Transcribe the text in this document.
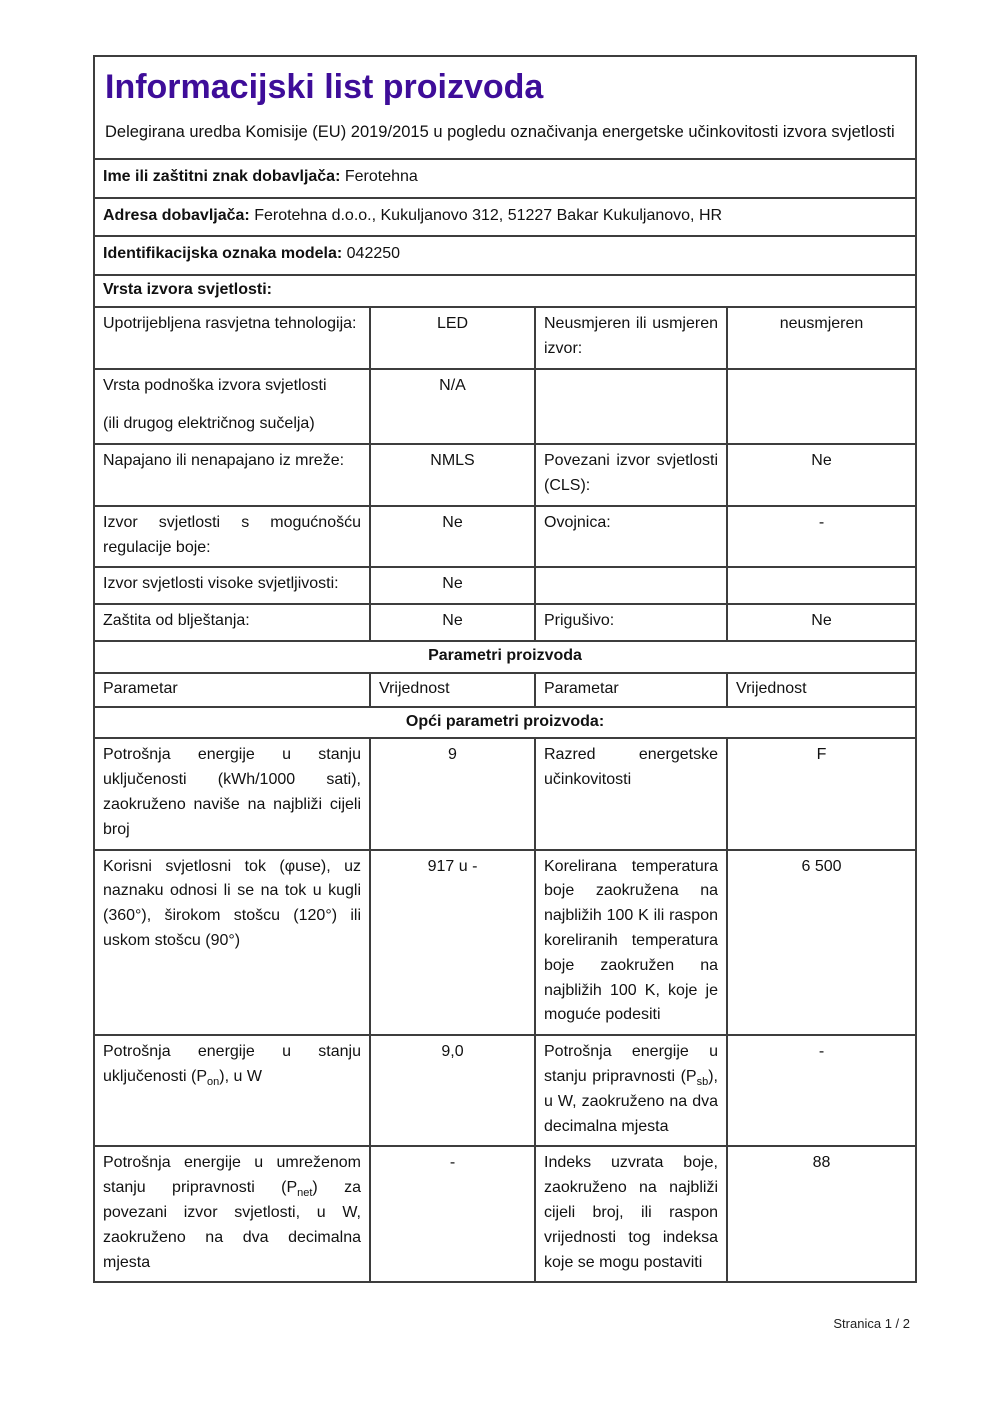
Informacijski list proizvoda
Delegirana uredba Komisije (EU) 2019/2015 u pogledu označivanja energetske učinkovitosti izvora svjetlosti			

Ime ili zaštitni znak dobavljača: Ferotehna			
Adresa dobavljača: Ferotehna d.o.o., Kukuljanovo 312, 51227 Bakar Kukuljanovo, HR			
Identifikacijska oznaka modela: 042250			
Vrsta izvora svjetlosti:			
Upotrijebljena rasvjetna tehnologija:	LED	Neusmjeren ili usmjeren izvor:	neusmjeren

Vrsta podnoška izvora svjetlosti
(ili drugog električnog sučelja)	N/A		
Napajano ili nenapajano iz mreže:	NMLS	Povezani izvor svjetlosti (CLS):	Ne
Izvor svjetlosti s mogućnošću regulacije boje:	Ne	Ovojnica:	-
Izvor svjetlosti visoke svjetljivosti:	Ne		
Zaštita od blještanja:	Ne	Prigušivo:	Ne
Parametri proizvoda			
Parametar	Vrijednost	Parametar	Vrijednost
Opći parametri proizvoda:			
Potrošnja energije u stanju uključenosti (kWh/1000 sati), zaokruženo naviše na najbliži cijeli broj	9	Razred energetske učinkovitosti	F
Korisni svjetlosni tok (φuse), uz naznaku odnosi li se na tok u kugli (360°), širokom stošcu (120°) ili uskom stošcu (90°)	917 u -	Korelirana temperatura boje zaokružena na najbližih 100 K ili raspon koreliranih temperatura boje zaokružen na najbližih 100 K, koje je moguće podesiti	6 500
Potrošnja energije u stanju uključenosti $(P_{on})$, u W	9,0	Potrošnja energije u stanju pripravnosti $(P_{sb})$, u W, zaokruženo na dva decimalna mjesta	-
Potrošnja energije u umreženom stanju pripravnosti $(P_{net})$ za povezani izvor svjetlosti, u W, zaokruženo na dva decimalna mjesta	-	Indeks uzvrata boje, zaokruženo na najbliži cijeli broj, ili raspon vrijednosti tog indeksa koje se mogu postaviti	88
Stranica 1 / 2
